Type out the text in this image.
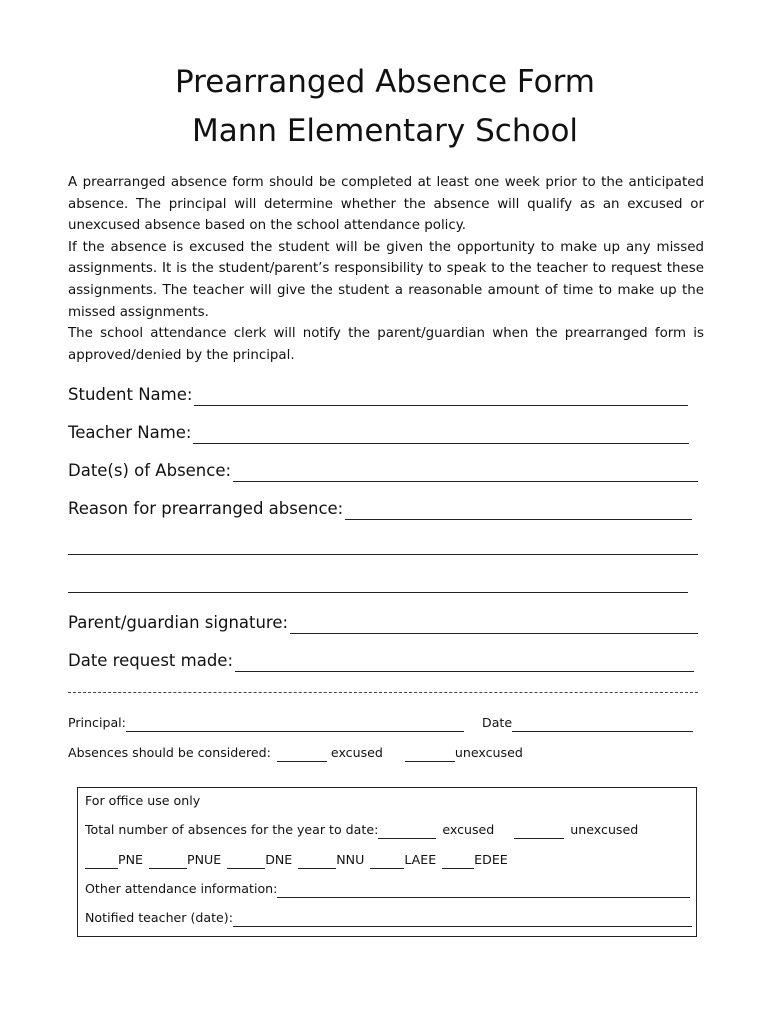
Prearranged Absence Form
Mann Elementary School

A prearranged absence form should be completed at least one week prior to the anticipated absence. The principal will determine whether the absence will qualify as an excused or unexcused absence based on the school attendance policy.

If the absence is excused the student will be given the opportunity to make up any missed assignments. It is the student/parent’s responsibility to speak to the teacher to request these assignments. The teacher will give the student a reasonable amount of time to make up the missed assignments.

The school attendance clerk will notify the parent/guardian when the prearranged form is approved/denied by the principal.

Student Name:
Teacher Name:
Date(s) of Absence:
Reason for prearranged absence:
Parent/guardian signature:
Date request made:
Principal:	Date
Absences should be considered:	excused	unexcused
For office use only
Total number of absences for the year to date:	excused	unexcused
PNE	PNUE	DNE	NNU	LAEE	EDEE
Other attendance information:
Notified teacher (date):
